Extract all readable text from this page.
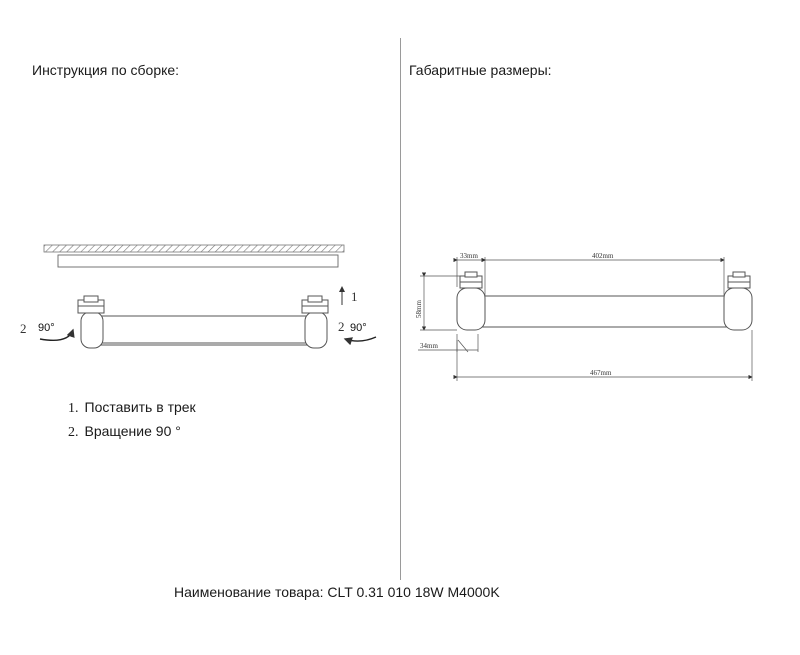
Инструкция по сборке:	Габаритные размеры:
1
2 90°	2 90°
33mm	402mm
58mm
34mm
467mm
1. Поставить в трек
2. Вращение 90 °
Наименование товара: CLT 0.31 010 18W M4000K
